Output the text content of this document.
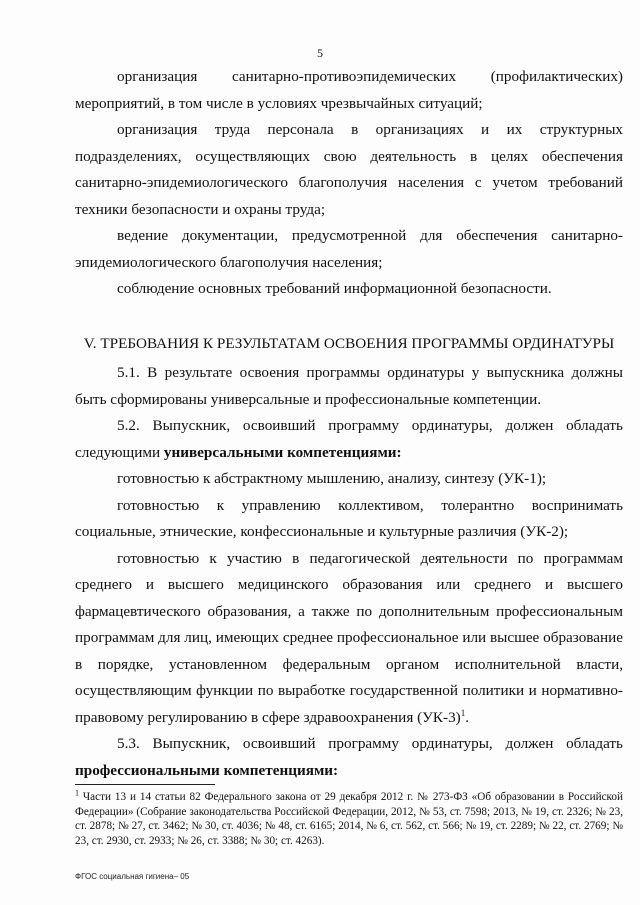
5

организация санитарно-противоэпидемических (профилактических) мероприятий, в том числе в условиях чрезвычайных ситуаций;

организация труда персонала в организациях и их структурных подразделениях, осуществляющих свою деятельность в целях обеспечения санитарно-эпидемиологического благополучия населения с учетом требований техники безопасности и охраны труда;

ведение документации, предусмотренной для обеспечения санитарно-эпидемиологического благополучия населения;

соблюдение основных требований информационной безопасности.

V. ТРЕБОВАНИЯ К РЕЗУЛЬТАТАМ ОСВОЕНИЯ ПРОГРАММЫ ОРДИНАТУРЫ

5.1. В результате освоения программы ординатуры у выпускника должны быть сформированы универсальные и профессиональные компетенции.

5.2. Выпускник, освоивший программу ординатуры, должен обладать следующими универсальными компетенциями:

готовностью к абстрактному мышлению, анализу, синтезу (УК-1);

готовностью к управлению коллективом, толерантно воспринимать социальные, этнические, конфессиональные и культурные различия (УК-2);

готовностью к участию в педагогической деятельности по программам среднего и высшего медицинского образования или среднего и высшего фармацевтического образования, а также по дополнительным профессиональным программам для лиц, имеющих среднее профессиональное или высшее образование в порядке, установленном федеральным органом исполнительной власти, осуществляющим функции по выработке государственной политики и нормативно-правовому регулированию в сфере здравоохранения $(УК-3)^1$.

5.3. Выпускник, освоивший программу ординатуры, должен обладать профессиональными компетенциями:

$^1$ Части 13 и 14 статьи 82 Федерального закона от 29 декабря 2012 г. № 273-ФЗ «Об образовании в Российской Федерации» (Собрание законодательства Российской Федерации, 2012, № 53, ст. 7598; 2013, № 19, ст. 2326; № 23, ст. 2878; № 27, ст. 3462; № 30, ст. 4036; № 48, ст. 6165; 2014, № 6, ст. 562, ст. 566; № 19, ст. 2289; № 22, ст. 2769; № 23, ст. 2930, ст. 2933; № 26, ст. 3388; № 30; ст. 4263).
ФГОС социальная гигиена– 05
